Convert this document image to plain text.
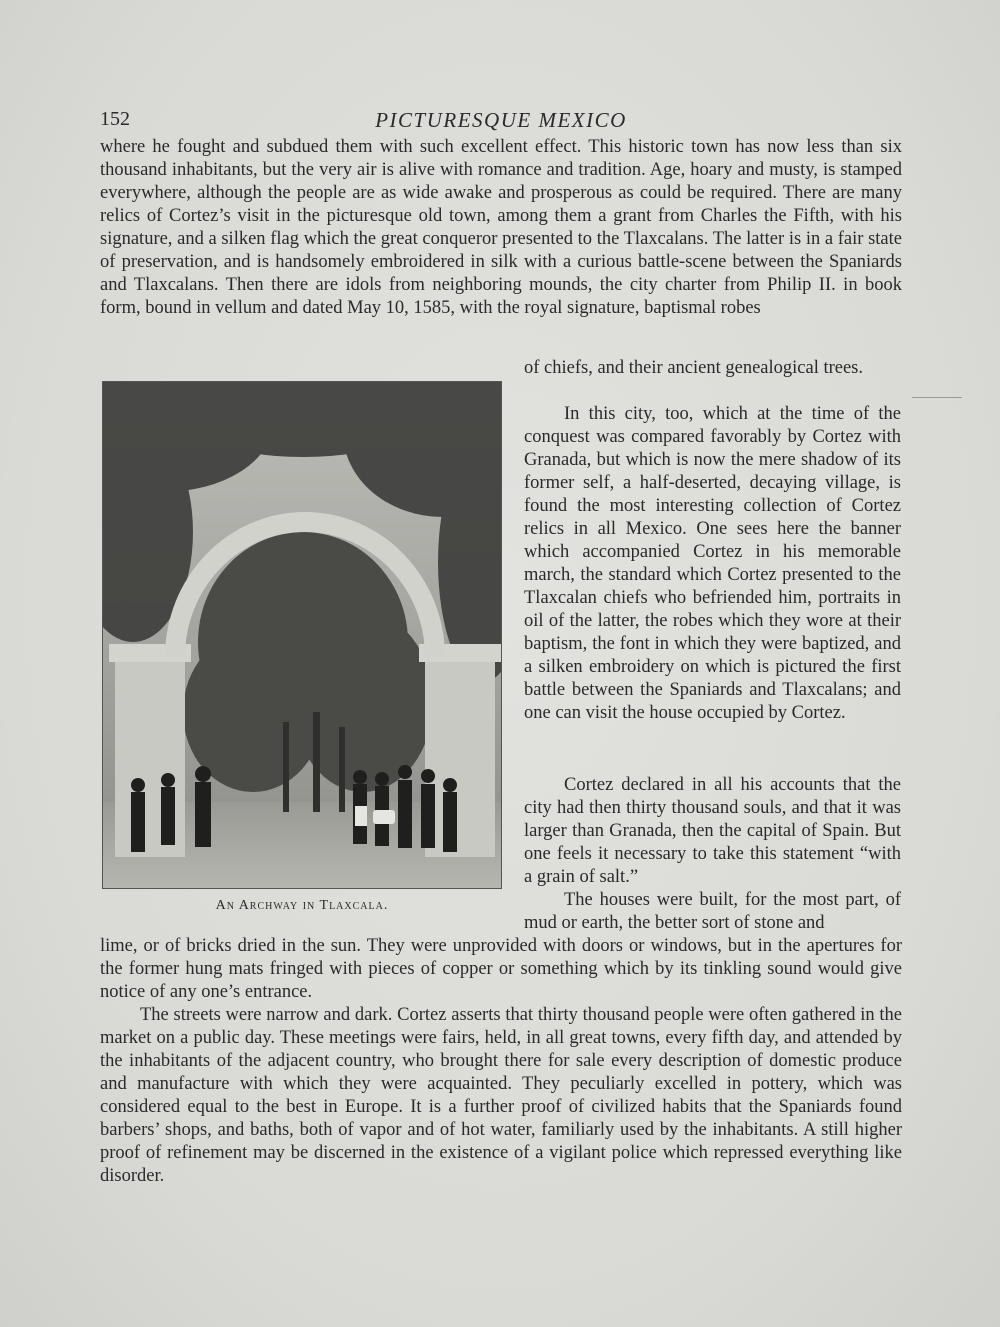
152	PICTURESQUE MEXICO

where he fought and subdued them with such excellent effect. This historic town has now less than six thousand inhabitants, but the very air is alive with romance and tradition. Age, hoary and musty, is stamped everywhere, although the people are as wide awake and prosperous as could be required. There are many relics of Cortez’s visit in the picturesque old town, among them a grant from Charles the Fifth, with his signature, and a silken flag which the great conqueror presented to the Tlaxcalans. The latter is in a fair state of preservation, and is handsomely embroidered in silk with a curious battle-scene between the Spaniards and Tlaxcalans. Then there are idols from neighboring mounds, the city charter from Philip II. in book form, bound in vellum and dated May 10, 1585, with the royal signature, baptismal robes

of chiefs, and their ancient genealogical trees.

In this city, too, which at the time of the conquest was compared favorably by Cortez with Granada, but which is now the mere shadow of its former self, a half-deserted, decaying village, is found the most interesting collection of Cortez relics in all Mexico. One sees here the banner which accompanied Cortez in his memorable march, the standard which Cortez presented to the Tlaxcalan chiefs who befriended him, portraits in oil of the latter, the robes which they wore at their baptism, the font in which they were baptized, and a silken embroidery on which is pictured the first battle between the Spaniards and Tlaxcalans; and one can visit the house occupied by Cortez.

Cortez declared in all his accounts that the city had then thirty thousand souls, and that it was larger than Granada, then the capital of Spain. But one feels it necessary to take this statement “with a grain of salt.”

The houses were built, for the most part, of mud or earth, the better sort of stone and

lime, or of bricks dried in the sun. They were unprovided with doors or windows, but in the apertures for the former hung mats fringed with pieces of copper or something which by its tinkling sound would give notice of any one’s entrance.

The streets were narrow and dark. Cortez asserts that thirty thousand people were often gathered in the market on a public day. These meetings were fairs, held, in all great towns, every fifth day, and attended by the inhabitants of the adjacent country, who brought there for sale every description of domestic produce and manufacture with which they were acquainted. They peculiarly excelled in pottery, which was considered equal to the best in Europe. It is a further proof of civilized habits that the Spaniards found barbers’ shops, and baths, both of vapor and of hot water, familiarly used by the inhabitants. A still higher proof of refinement may be discerned in the existence of a vigilant police which repressed everything like disorder.

An Archway in Tlaxcala.
